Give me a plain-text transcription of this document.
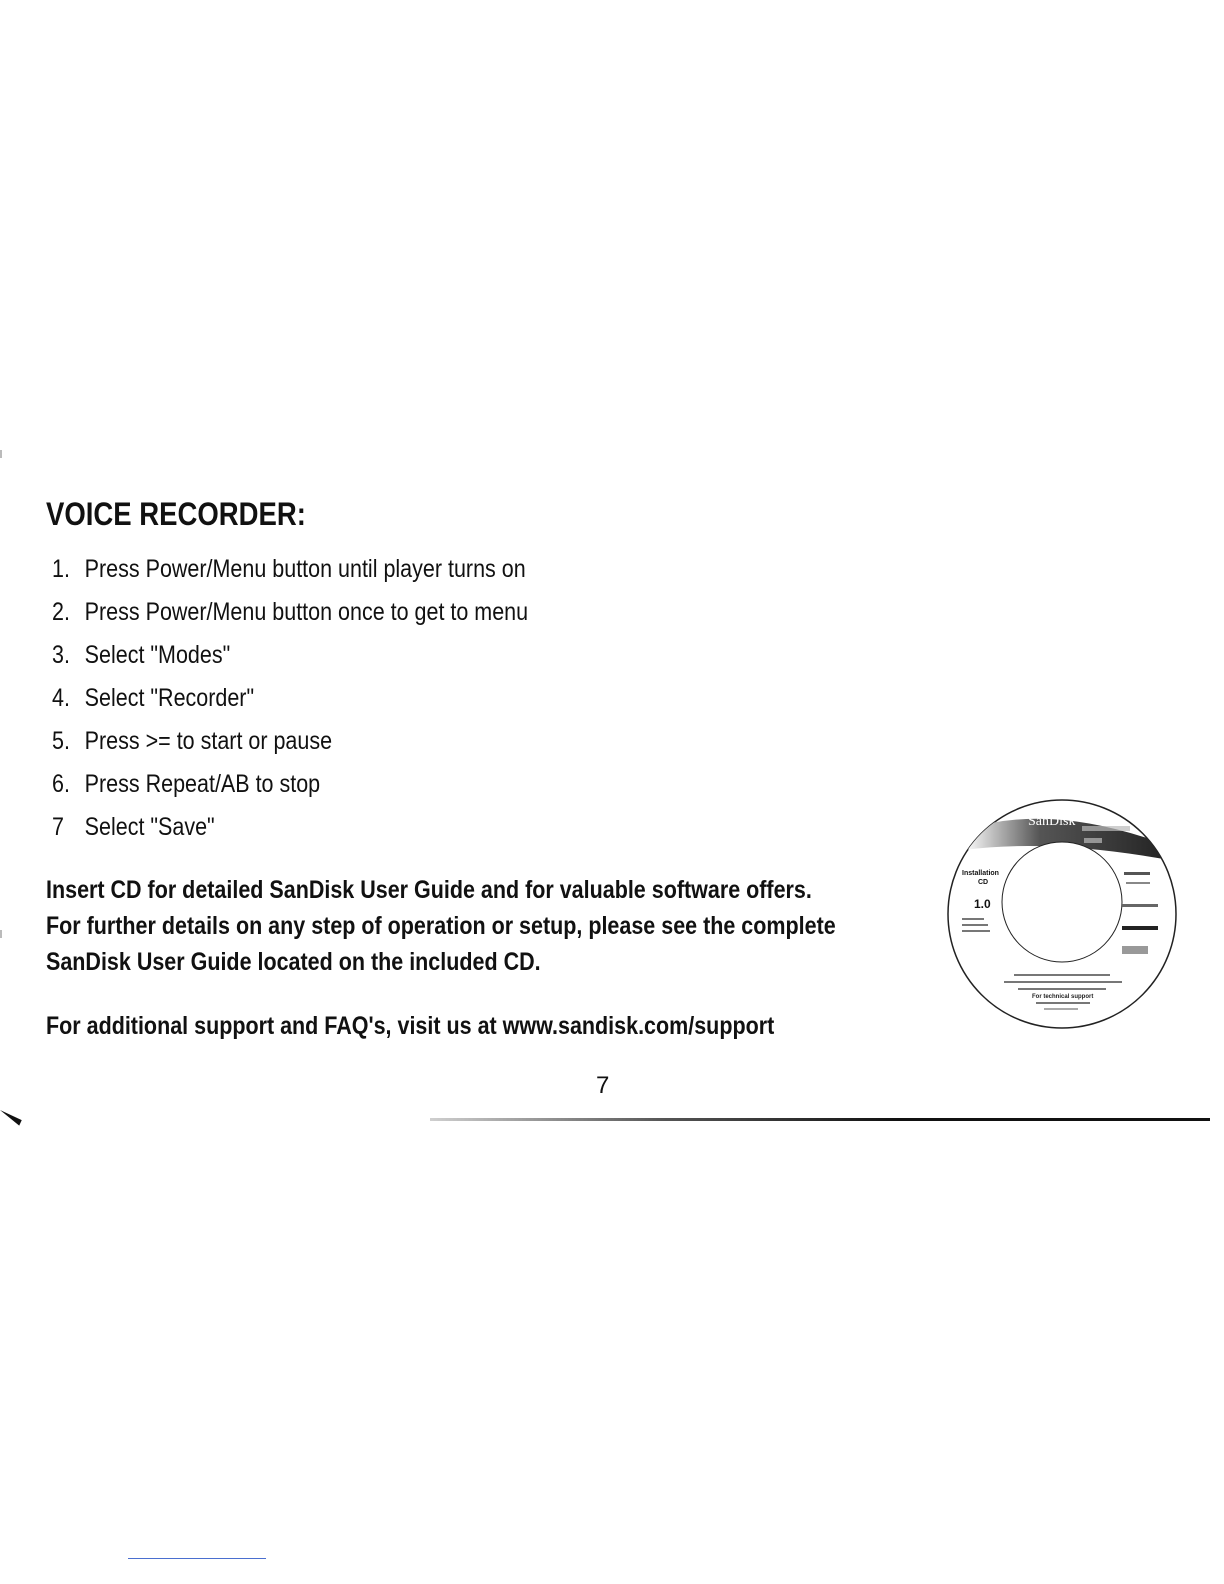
VOICE RECORDER:
1. Press Power/Menu button until player turns on
2. Press Power/Menu button once to get to menu
3. Select "Modes"
4. Select "Recorder"
5. Press >= to start or pause
6. Press Repeat/AB to stop
7 Select "Save"
Insert CD for detailed SanDisk User Guide and for valuable software offers.
For further details on any step of operation or setup, please see the complete
SanDisk User Guide located on the included CD.
For additional support and FAQ's, visit us at www.sandisk.com/support
SanDisk
Installation
CD
1.0
For technical support
7
